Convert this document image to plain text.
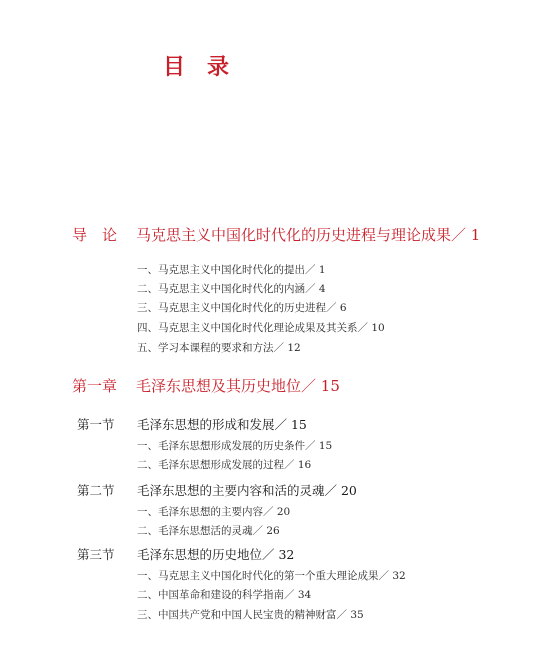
目 录
导　论 马克思主义中国化时代化的历史进程与理论成果／ 1
一、马克思主义中国化时代化的提出／ 1
二、马克思主义中国化时代化的内涵／ 4
三、马克思主义中国化时代化的历史进程／ 6
四、马克思主义中国化时代化理论成果及其关系／ 10
五、学习本课程的要求和方法／ 12
第一章 毛泽东思想及其历史地位／ 15
第一节 毛泽东思想的形成和发展／ 15
一、毛泽东思想形成发展的历史条件／ 15
二、毛泽东思想形成发展的过程／ 16
第二节 毛泽东思想的主要内容和活的灵魂／ 20
一、毛泽东思想的主要内容／ 20
二、毛泽东思想活的灵魂／ 26
第三节 毛泽东思想的历史地位／ 32
一、马克思主义中国化时代化的第一个重大理论成果／ 32
二、中国革命和建设的科学指南／ 34
三、中国共产党和中国人民宝贵的精神财富／ 35
